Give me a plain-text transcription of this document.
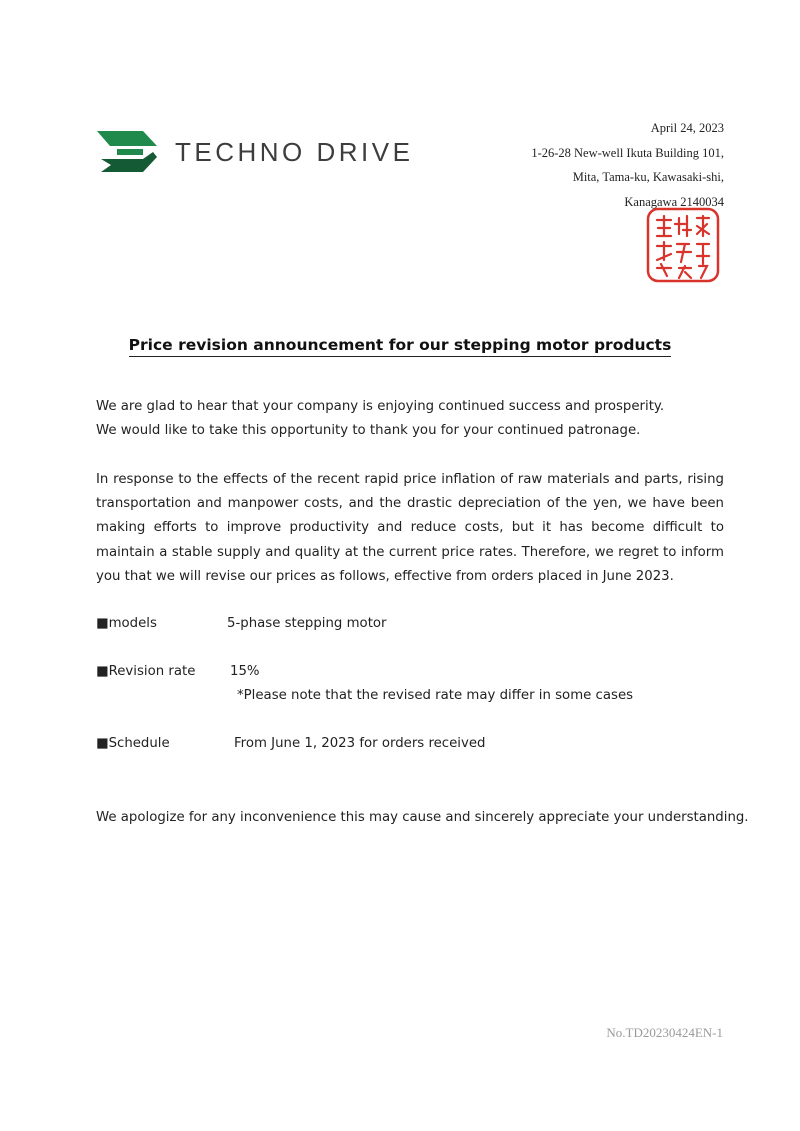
TECHNO DRIVE
April 24, 2023
1-26-28 New-well Ikuta Building 101,
Mita, Tama-ku, Kawasaki-shi,
Kanagawa 2140034
Price revision announcement for our stepping motor products
We are glad to hear that your company is enjoying continued success and prosperity.
We would like to take this opportunity to thank you for your continued patronage.
In response to the effects of the recent rapid price inflation of raw materials and parts, rising transportation and manpower costs, and the drastic depreciation of the yen, we have been making efforts to improve productivity and reduce costs, but it has become difficult to maintain a stable supply and quality at the current price rates. Therefore, we regret to inform you that we will revise our prices as follows, effective from orders placed in June 2023.
■models	5-phase stepping motor
■Revision rate	15%
*Please note that the revised rate may differ in some cases
■Schedule	From June 1, 2023 for orders received
We apologize for any inconvenience this may cause and sincerely appreciate your understanding.
No.TD20230424EN-1
